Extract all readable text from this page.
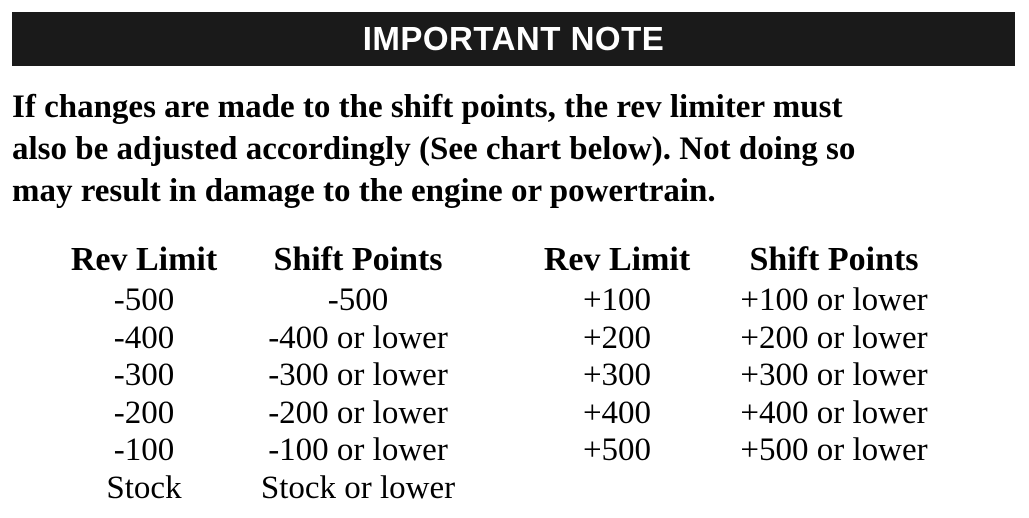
IMPORTANT NOTE

If changes are made to the shift points, the rev limiter must
also be adjusted accordingly (See chart below). Not doing so
may result in damage to the engine or powertrain.

Rev Limit
-500
-400
-300
-200
-100
Stock
Shift Points
-500
-400 or lower
-300 or lower
-200 or lower
-100 or lower
Stock or lower
Rev Limit
+100
+200
+300
+400
+500
Shift Points
+100 or lower
+200 or lower
+300 or lower
+400 or lower
+500 or lower
